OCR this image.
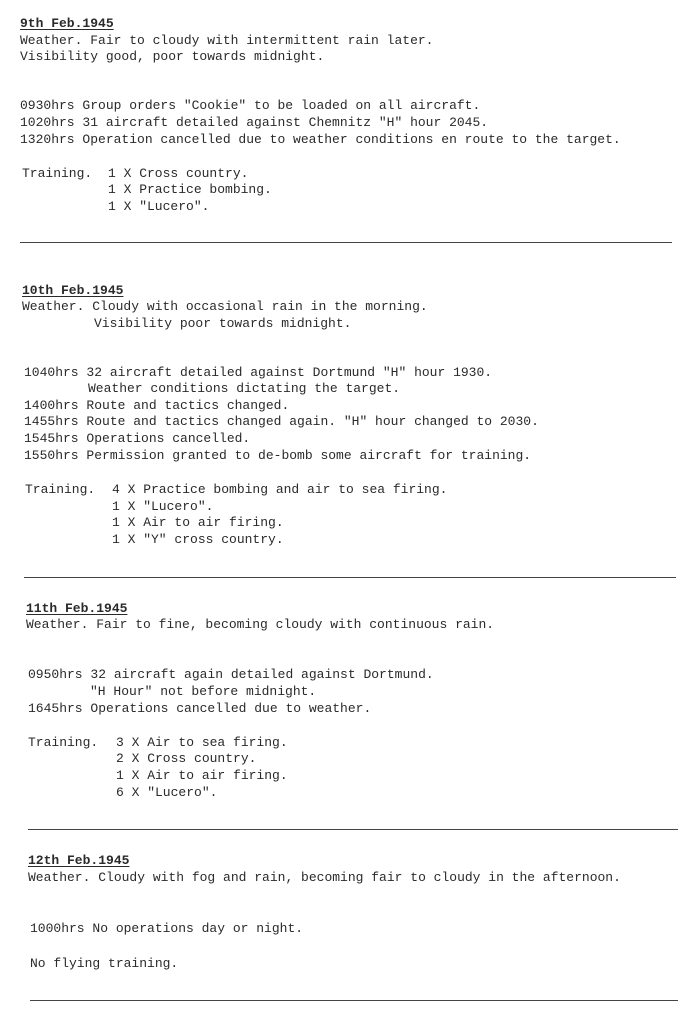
9th Feb.1945
Weather. Fair to cloudy with intermittent rain later.
Visibility good, poor towards midnight.
0930hrs Group orders "Cookie" to be loaded on all aircraft.
1020hrs 31 aircraft detailed against Chemnitz "H" hour 2045.
1320hrs Operation cancelled due to weather conditions en route to the target.
Training. 1 X Cross country.
1 X Practice bombing.
1 X "Lucero".
10th Feb.1945
Weather. Cloudy with occasional rain in the morning.
Visibility poor towards midnight.
1040hrs 32 aircraft detailed against Dortmund "H" hour 1930.
Weather conditions dictating the target.
1400hrs Route and tactics changed.
1455hrs Route and tactics changed again. "H" hour changed to 2030.
1545hrs Operations cancelled.
1550hrs Permission granted to de-bomb some aircraft for training.
Training. 4 X Practice bombing and air to sea firing.
1 X "Lucero".
1 X Air to air firing.
1 X "Y" cross country.
11th Feb.1945
Weather. Fair to fine, becoming cloudy with continuous rain.
0950hrs 32 aircraft again detailed against Dortmund.
"H Hour" not before midnight.
1645hrs Operations cancelled due to weather.
Training. 3 X Air to sea firing.
2 X Cross country.
1 X Air to air firing.
6 X "Lucero".
12th Feb.1945
Weather. Cloudy with fog and rain, becoming fair to cloudy in the afternoon.
1000hrs No operations day or night.
No flying training.
